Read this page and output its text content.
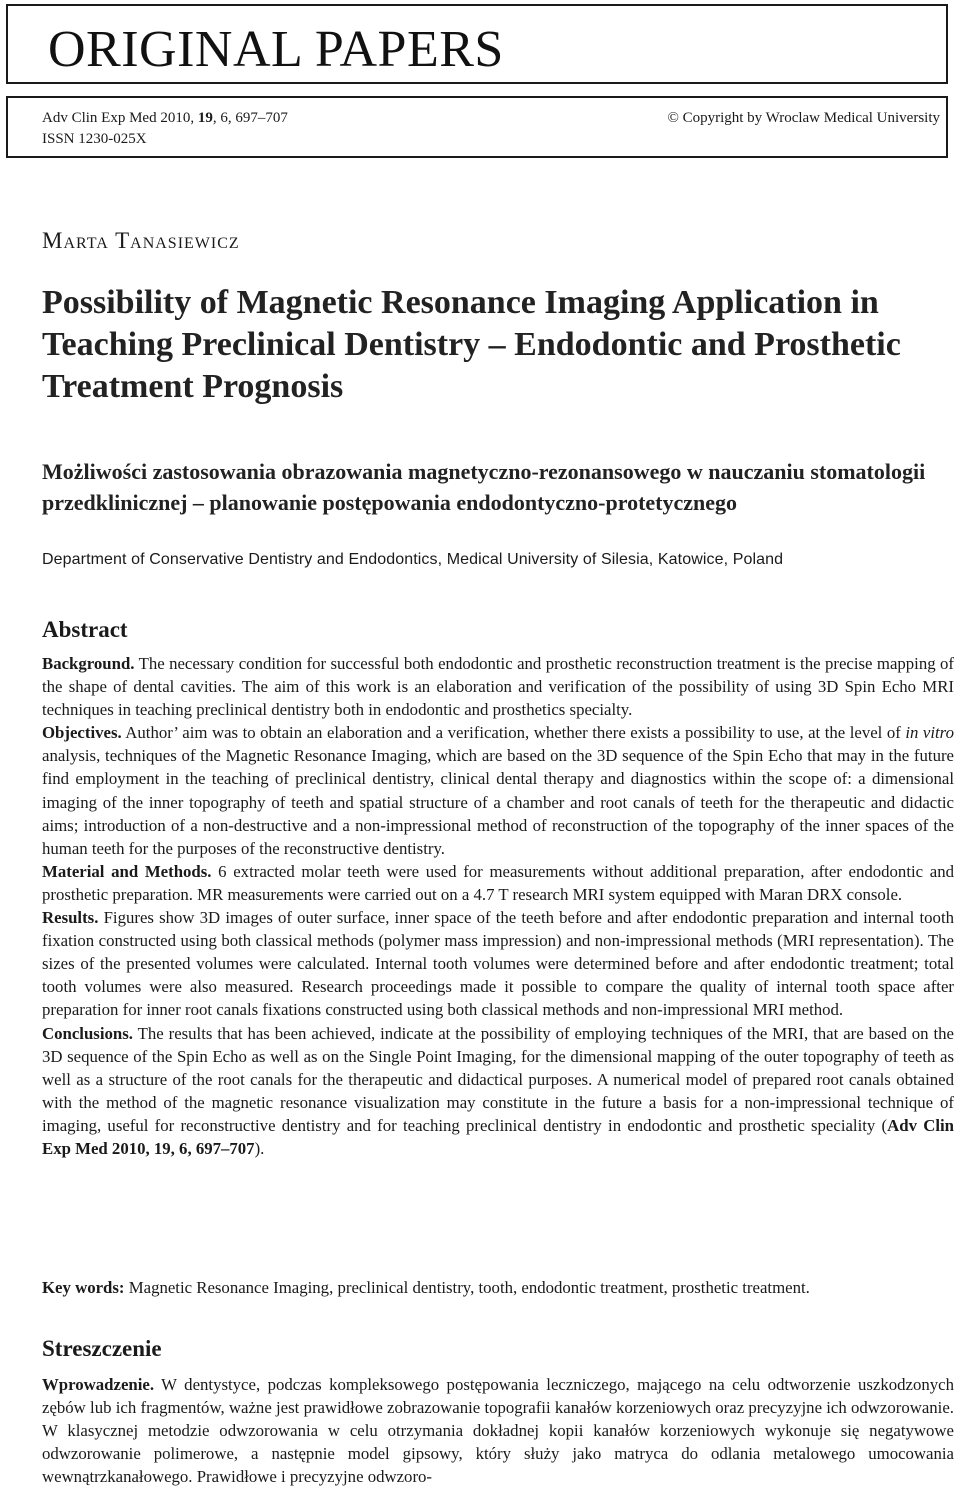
ORIGINAL PAPERS
Adv Clin Exp Med 2010, 19, 6, 697–707
ISSN 1230-025X
© Copyright by Wroclaw Medical University
Marta Tanasiewicz
Possibility of Magnetic Resonance Imaging Application in Teaching Preclinical Dentistry – Endodontic and Prosthetic Treatment Prognosis
Możliwości zastosowania obrazowania magnetyczno-rezonansowego w nauczaniu stomatologii przedklinicznej – planowanie postępowania endodontyczno-protetycznego
Department of Conservative Dentistry and Endodontics, Medical University of Silesia, Katowice, Poland
Abstract

Background. The necessary condition for successful both endodontic and prosthetic reconstruction treatment is the precise mapping of the shape of dental cavities. The aim of this work is an elaboration and verification of the possibility of using 3D Spin Echo MRI techniques in teaching preclinical dentistry both in endodontic and prosthetics specialty.

Objectives. Author’ aim was to obtain an elaboration and a verification, whether there exists a possibility to use, at the level of in vitro analysis, techniques of the Magnetic Resonance Imaging, which are based on the 3D sequence of the Spin Echo that may in the future find employment in the teaching of preclinical dentistry, clinical dental therapy and diagnostics within the scope of: a dimensional imaging of the inner topography of teeth and spatial structure of a chamber and root canals of teeth for the therapeutic and didactic aims; introduction of a non-destructive and a non-impressional method of reconstruction of the topography of the inner spaces of the human teeth for the purposes of the reconstructive dentistry.

Material and Methods. 6 extracted molar teeth were used for measurements without additional preparation, after endodontic and prosthetic preparation. MR measurements were carried out on a 4.7 T research MRI system equipped with Maran DRX console.

Results. Figures show 3D images of outer surface, inner space of the teeth before and after endodontic preparation and internal tooth fixation constructed using both classical methods (polymer mass impression) and non-impressional methods (MRI representation). The sizes of the presented volumes were calculated. Internal tooth volumes were determined before and after endodontic treatment; total tooth volumes were also measured. Research proceedings made it possible to compare the quality of internal tooth space after preparation for inner root canals fixations constructed using both classical methods and non-impressional MRI method.

Conclusions. The results that has been achieved, indicate at the possibility of employing techniques of the MRI, that are based on the 3D sequence of the Spin Echo as well as on the Single Point Imaging, for the dimensional mapping of the outer topography of teeth as well as a structure of the root canals for the therapeutic and didactical purposes. A numerical model of prepared root canals obtained with the method of the magnetic resonance visualization may constitute in the future a basis for a non-impressional technique of imaging, useful for reconstructive dentistry and for teaching preclinical dentistry in endodontic and prosthetic speciality (Adv Clin Exp Med 2010, 19, 6, 697–707).

Key words: Magnetic Resonance Imaging, preclinical dentistry, tooth, endodontic treatment, prosthetic treatment.
Streszczenie

Wprowadzenie. W dentystyce, podczas kompleksowego postępowania leczniczego, mającego na celu odtworzenie uszkodzonych zębów lub ich fragmentów, ważne jest prawidłowe zobrazowanie topografii kanałów korzeniowych oraz precyzyjne ich odwzorowanie. W klasycznej metodzie odwzorowania w celu otrzymania dokładnej kopii kanałów korzeniowych wykonuje się negatywowe odwzorowanie polimerowe, a następnie model gipsowy, który służy jako matryca do odlania metalowego umocowania wewnątrzkanałowego. Prawidłowe i precyzyjne odwzoro-
